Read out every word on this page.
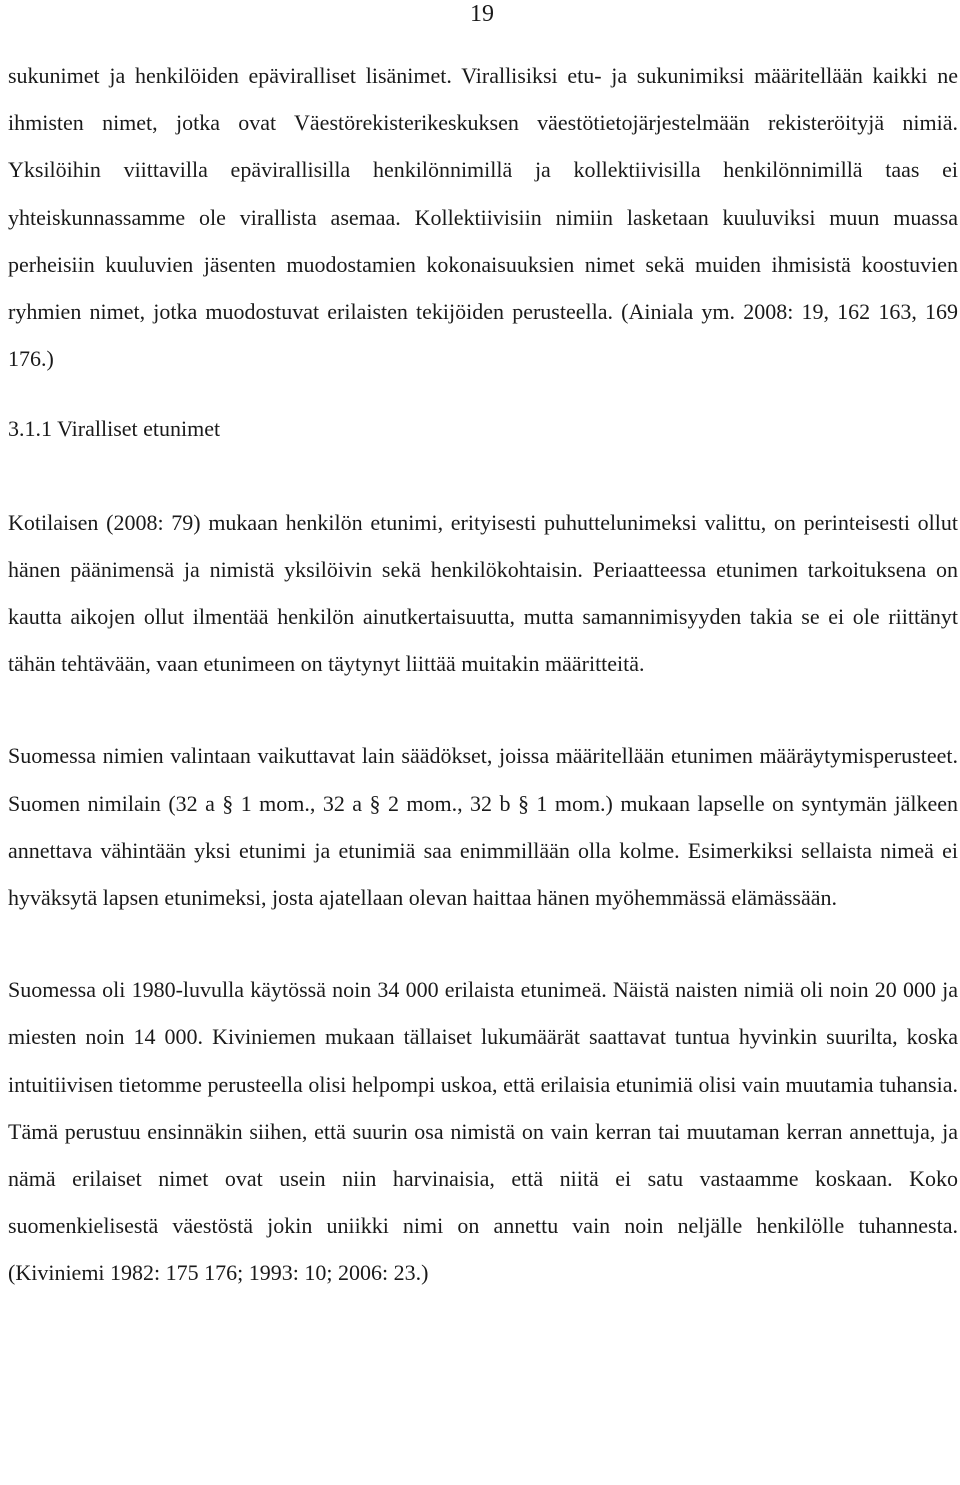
19

sukunimet ja henkilöiden epäviralliset lisänimet. Virallisiksi etu- ja sukunimiksi määritellään kaikki ne ihmisten nimet, jotka ovat Väestörekisterikeskuksen väestötietojärjestelmään rekisteröityjä nimiä. Yksilöihin viittavilla epävirallisilla henkilönnimillä ja kollektiivisilla henkilönnimillä taas ei yhteiskunnassamme ole virallista asemaa. Kollektiivisiin nimiin lasketaan kuuluviksi muun muassa perheisiin kuuluvien jäsenten muodostamien kokonaisuuksien nimet sekä muiden ihmisistä koostuvien ryhmien nimet, jotka muodostuvat erilaisten tekijöiden perusteella. (Ainiala ym. 2008: 19, 162 163, 169 176.)

3.1.1 Viralliset etunimet

Kotilaisen (2008: 79) mukaan henkilön etunimi, erityisesti puhuttelunimeksi valittu, on perinteisesti ollut hänen päänimensä ja nimistä yksilöivin sekä henkilökohtaisin. Periaatteessa etunimen tarkoituksena on kautta aikojen ollut ilmentää henkilön ainutkertaisuutta, mutta samannimisyyden takia se ei ole riittänyt tähän tehtävään, vaan etunimeen on täytynyt liittää muitakin määritteitä.

Suomessa nimien valintaan vaikuttavat lain säädökset, joissa määritellään etunimen määräytymisperusteet. Suomen nimilain (32 a § 1 mom., 32 a § 2 mom., 32 b § 1 mom.) mukaan lapselle on syntymän jälkeen annettava vähintään yksi etunimi ja etunimiä saa enimmillään olla kolme. Esimerkiksi sellaista nimeä ei hyväksytä lapsen etunimeksi, josta ajatellaan olevan haittaa hänen myöhemmässä elämässään.

Suomessa oli 1980-luvulla käytössä noin 34 000 erilaista etunimeä. Näistä naisten nimiä oli noin 20 000 ja miesten noin 14 000. Kiviniemen mukaan tällaiset lukumäärät saattavat tuntua hyvinkin suurilta, koska intuitiivisen tietomme perusteella olisi helpompi uskoa, että erilaisia etunimiä olisi vain muutamia tuhansia. Tämä perustuu ensinnäkin siihen, että suurin osa nimistä on vain kerran tai muutaman kerran annettuja, ja nämä erilaiset nimet ovat usein niin harvinaisia, että niitä ei satu vastaamme koskaan. Koko suomenkielisestä väestöstä jokin uniikki nimi on annettu vain noin neljälle henkilölle tuhannesta. (Kiviniemi 1982: 175 176; 1993: 10; 2006: 23.)
